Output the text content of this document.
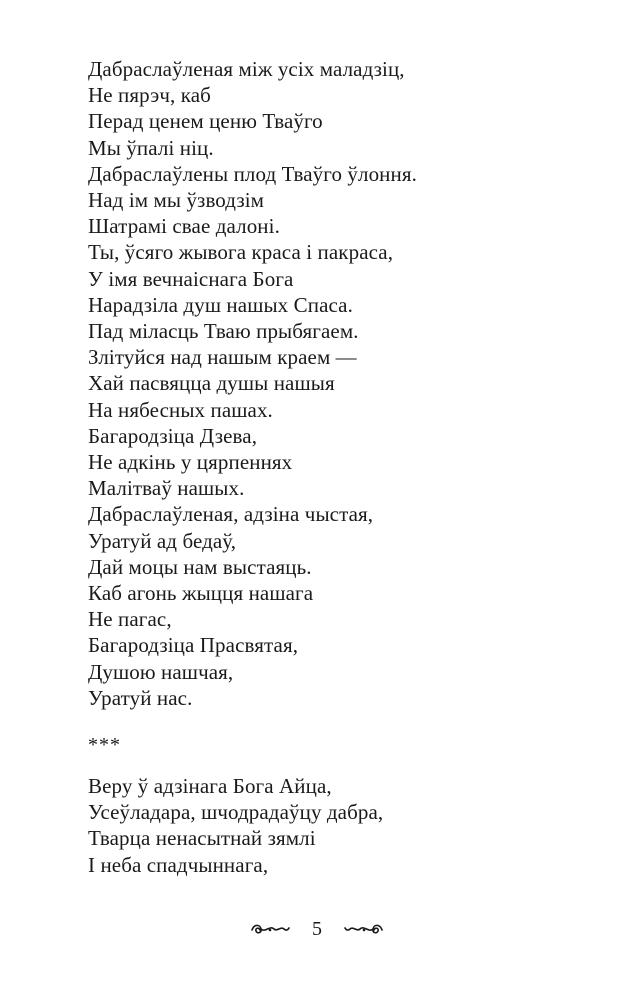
Дабраслаўленая між усіх маладзіц,
Не пярэч, каб
Перад ценем ценю Тваўго
Мы ўпалі ніц.
Дабраслаўлены плод Тваўго ўлоння.
Над ім мы ўзводзім
Шатрамі свае далоні.
Ты, ўсяго жывога краса і пакраса,
У імя вечнаіснага Бога
Нарадзіла душ нашых Спаса.
Пад міласць Тваю прыбягаем.
Злітуйся над нашым краем —
Хай пасвяцца душы нашыя
На нябесных пашах.
Багародзіца Дзева,
Не адкінь у цярпеннях
Малітваў нашых.
Дабраслаўленая, адзіна чыстая,
Уратуй ад бедаў,
Дай моцы нам выстаяць.
Каб агонь жыцця нашага
Не пагас,
Багародзіца Прасвятая,
Душою нашчая,
Уратуй нас.
***
Веру ў адзінага Бога Айца,
Усеўладара, шчодрадаўцу дабра,
Тварца ненасытнай зямлі
І неба спадчыннага,
5
